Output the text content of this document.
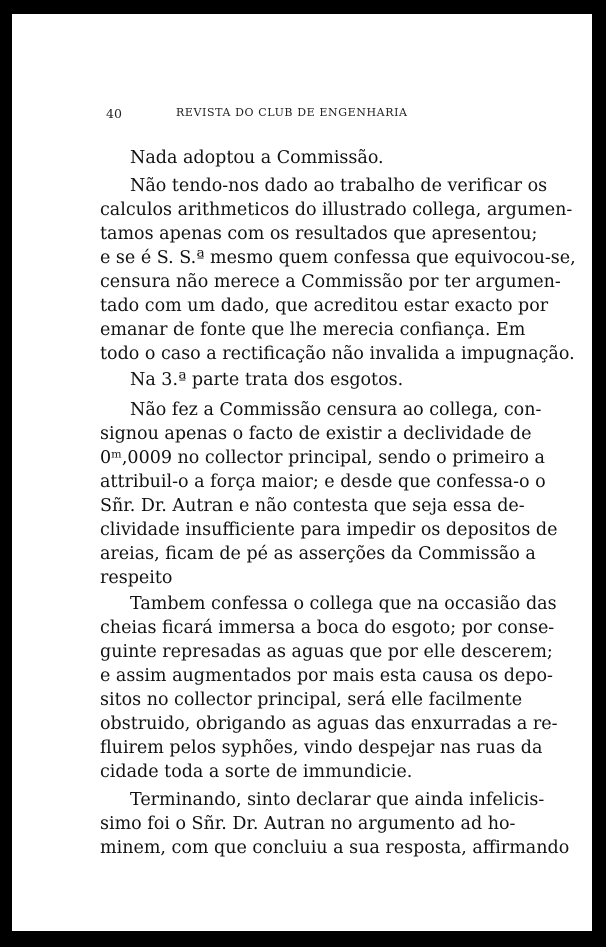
40	REVISTA DO CLUB DE ENGENHARIA
Nada adoptou a Commissão.
Não tendo-nos dado ao trabalho de verificar os
calculos arithmeticos do illustrado collega, argumen-
tamos apenas com os resultados que apresentou;
e se é S. S.ª mesmo quem confessa que equivocou-se,
censura não merece a Commissão por ter argumen-
tado com um dado, que acreditou estar exacto por
emanar de fonte que lhe merecia confiança. Em
todo o caso a rectificação não invalida a impugnação.
Na 3.ª parte trata dos esgotos.
Não fez a Commissão censura ao collega, con-
signou apenas o facto de existir a declividade de
0ᵐ,0009 no collector principal, sendo o primeiro a
attribuil-o a força maior; e desde que confessa-o o
Sñr. Dr. Autran e não contesta que seja essa de-
clividade insufficiente para impedir os depositos de
areias, ficam de pé as asserções da Commissão a
respeito
Tambem confessa o collega que na occasião das
cheias ficará immersa a boca do esgoto; por conse-
guinte represadas as aguas que por elle descerem;
e assim augmentados por mais esta causa os depo-
sitos no collector principal, será elle facilmente
obstruido, obrigando as aguas das enxurradas a re-
fluirem pelos syphões, vindo despejar nas ruas da
cidade toda a sorte de immundicie.
Terminando, sinto declarar que ainda infelicis-
simo foi o Sñr. Dr. Autran no argumento ad ho-
minem, com que concluiu a sua resposta, affirmando
